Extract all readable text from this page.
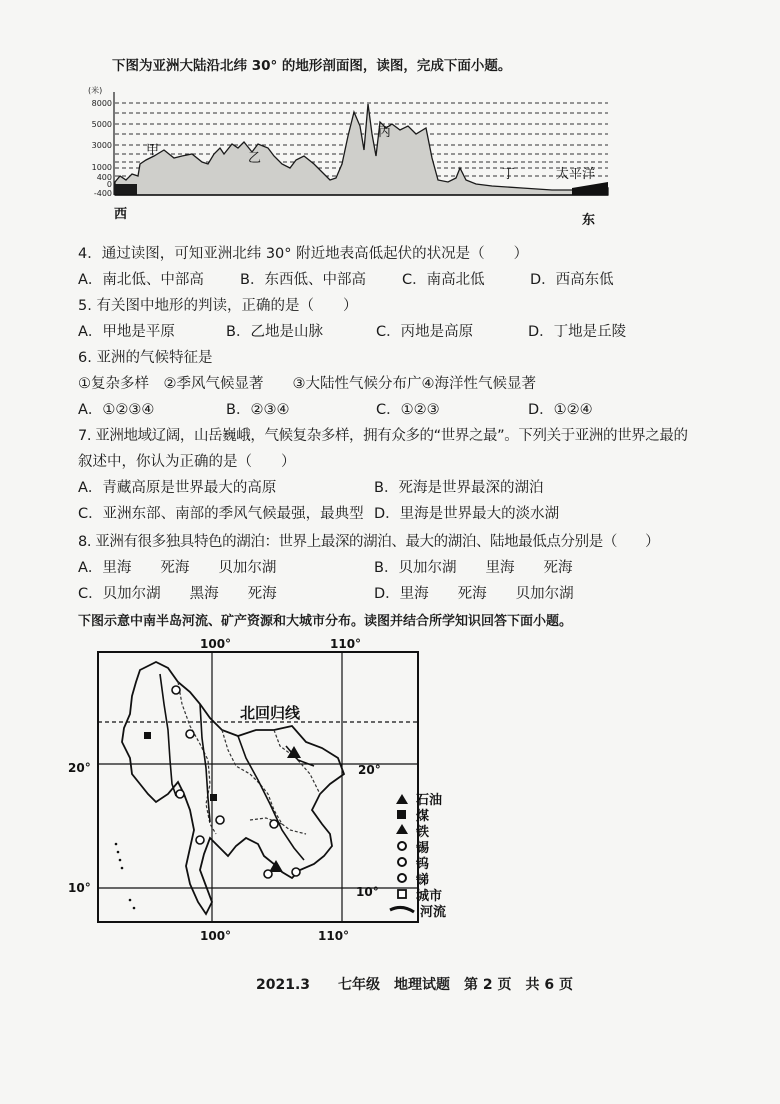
下图为亚洲大陆沿北纬 30° 的地形剖面图，读图，完成下面小题。
(米)
8000
5000
3000
1000
400
0
-400
甲
乙
丙
丁	太平洋
西	东
4．通过读图，可知亚洲北纬 30° 附近地表高低起伏的状况是（　　）
A．南北低、中部高 B．东西低、中部高 C．南高北低	D．西高东低
5. 有关图中地形的判读，正确的是（　　）
A．甲地是平原	B．乙地是山脉	C．丙地是高原	D．丁地是丘陵
6. 亚洲的气候特征是
①复杂多样　②季风气候显著　　③大陆性气候分布广④海洋性气候显著
A．①②③④	B．②③④	C．①②③	D．①②④
7. 亚洲地域辽阔，山岳巍峨，气候复杂多样，拥有众多的“世界之最”。下列关于亚洲的世界之最的
叙述中，你认为正确的是（　　）
A．青藏高原是世界最大的高原	B．死海是世界最深的湖泊
C．亚洲东部、南部的季风气候最强，最典型 D．里海是世界最大的淡水湖
8. 亚洲有很多独具特色的湖泊：世界上最深的湖泊、最大的湖泊、陆地最低点分别是（　　）
A．里海　　死海　　贝加尔湖	B．贝加尔湖　　里海　　死海
C．贝加尔湖　　黑海　　死海	D．里海　　死海　　贝加尔湖
下图示意中南半岛河流、矿产资源和大城市分布。读图并结合所学知识回答下面小题。
北回归线
100°	110°
100°	110°
20°	20°
10°	10°
石油
煤
铁
锡
钨
锑
城市
河流
2021.3　　七年级　地理试题　第 2 页　共 6 页
